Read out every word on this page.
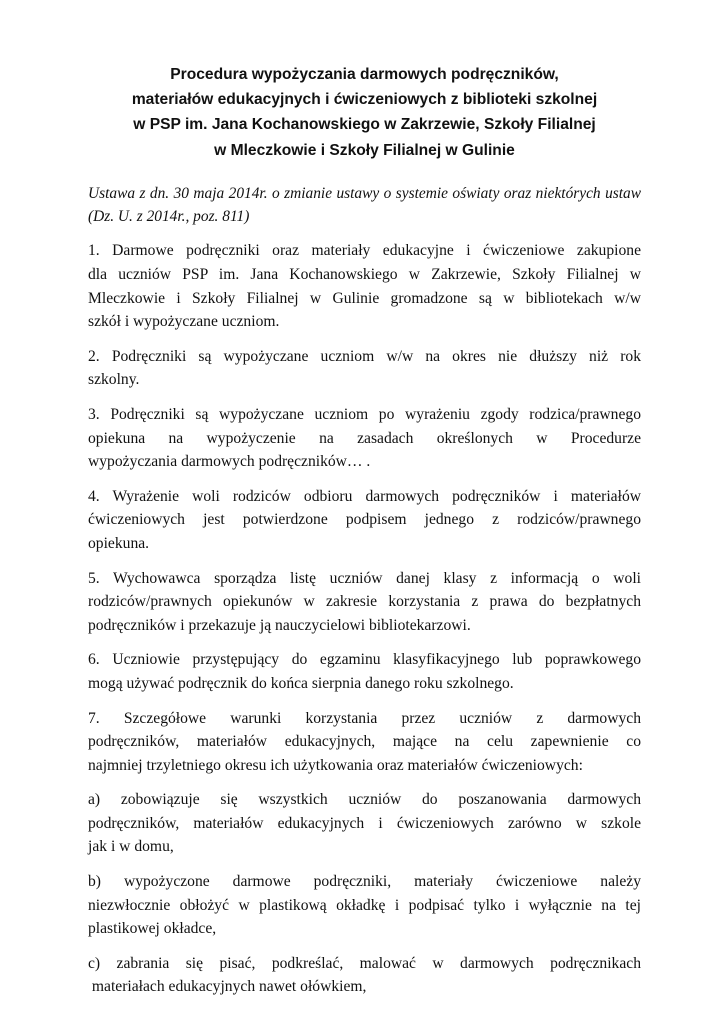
Procedura wypożyczania darmowych podręczników,
materiałów edukacyjnych i ćwiczeniowych z biblioteki szkolnej
w PSP im. Jana Kochanowskiego w Zakrzewie, Szkoły Filialnej
w Mleczkowie i Szkoły Filialnej w Gulinie
Ustawa z dn. 30 maja 2014r. o zmianie ustawy o systemie oświaty oraz niektórych ustaw (Dz. U. z 2014r., poz. 811)
1. Darmowe podręczniki oraz materiały edukacyjne i ćwiczeniowe zakupione
dla uczniów PSP im. Jana Kochanowskiego w Zakrzewie, Szkoły Filialnej w
Mleczkowie i Szkoły Filialnej w Gulinie gromadzone są w bibliotekach w/w
szkół i wypożyczane uczniom.
2. Podręczniki są wypożyczane uczniom w/w na okres nie dłuższy niż rok
szkolny.
3. Podręczniki są wypożyczane uczniom po wyrażeniu zgody rodzica/prawnego
opiekuna na wypożyczenie na zasadach określonych w Procedurze
wypożyczania darmowych podręczników… .
4. Wyrażenie woli rodziców odbioru darmowych podręczników i materiałów
ćwiczeniowych jest potwierdzone podpisem jednego z rodziców/prawnego
opiekuna.
5. Wychowawca sporządza listę uczniów danej klasy z informacją o woli
rodziców/prawnych opiekunów w zakresie korzystania z prawa do bezpłatnych
podręczników i przekazuje ją nauczycielowi bibliotekarzowi.
6. Uczniowie przystępujący do egzaminu klasyfikacyjnego lub poprawkowego
mogą używać podręcznik do końca sierpnia danego roku szkolnego.
7. Szczegółowe warunki korzystania przez uczniów z darmowych
podręczników, materiałów edukacyjnych, mające na celu zapewnienie co
najmniej trzyletniego okresu ich użytkowania oraz materiałów ćwiczeniowych:
a) zobowiązuje się wszystkich uczniów do poszanowania darmowych
podręczników, materiałów edukacyjnych i ćwiczeniowych zarówno w szkole
jak i w domu,
b) wypożyczone darmowe podręczniki, materiały ćwiczeniowe należy
niezwłocznie obłożyć w plastikową okładkę i podpisać tylko i wyłącznie na tej
plastikowej okładce,
c) zabrania się pisać, podkreślać, malować w darmowych podręcznikach
materiałach edukacyjnych nawet ołówkiem,
